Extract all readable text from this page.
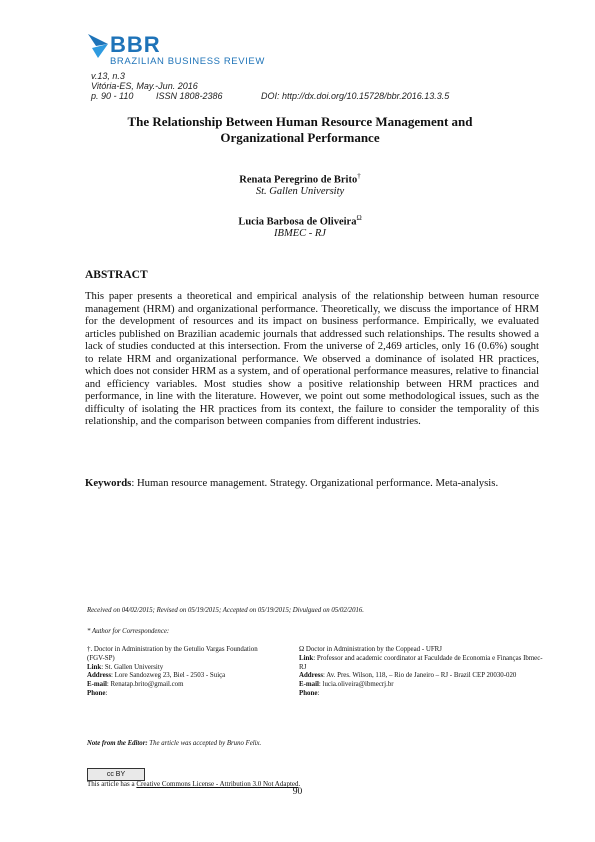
BBR
BRAZILIAN BUSINESS REVIEW
v.13, n.3
Vitória-ES, May.-Jun. 2016
p. 90 - 110	ISSN 1808-2386	DOI: http://dx.doi.org/10.15728/bbr.2016.13.3.5
The Relationship Between Human Resource Management and
Organizational Performance
Renata Peregrino de Brito†
St. Gallen University
Lucia Barbosa de Oliveira$^\Omega$
IBMEC - RJ
ABSTRACT
This paper presents a theoretical and empirical analysis of the relationship between human resource management (HRM) and organizational performance. Theoretically, we discuss the importance of HRM for the development of resources and its impact on business performance. Empirically, we evaluated articles published on Brazilian academic journals that addressed such relationships. The results showed a lack of studies conducted at this intersection. From the universe of 2,469 articles, only 16 (0.6%) sought to relate HRM and organizational performance. We observed a dominance of isolated HR practices, which does not consider HRM as a system, and of operational performance measures, relative to financial and efficiency variables. Most studies show a positive relationship between HRM practices and performance, in line with the literature. However, we point out some methodological issues, such as the difficulty of isolating the HR practices from its context, the failure to consider the temporality of this relationship, and the comparison between companies from different industries.
Keywords: Human resource management. Strategy. Organizational performance. Meta-analysis.
Received on 04/02/2015; Revised on 05/19/2015; Accepted on 05/19/2015; Divulgued on 05/02/2016.
* Author for Correspondence:
†. Doctor in Administration by the Getulio Vargas Foundation (FGV-SP)
Link: St. Gallen University
Address: Lore Sandozweg 23, Biel - 2503 - Suiça
E-mail: Renatap.brito@gmail.com
Phone:
Ω Doctor in Administration by the Coppead - UFRJ
Link: Professor and academic coordinator at Faculdade de Economia e Finanças Ibmec-RJ
Address: Av. Pres. Wilson, 118, – Rio de Janeiro – RJ - Brazil CEP 20030-020
E-mail: lucia.oliveira@ibmecrj.br
Phone:
Note from the Editor: The article was accepted by Bruno Felix.
cc BY
This article has a Creative Commons License - Attribution 3.0 Not Adapted.
90
